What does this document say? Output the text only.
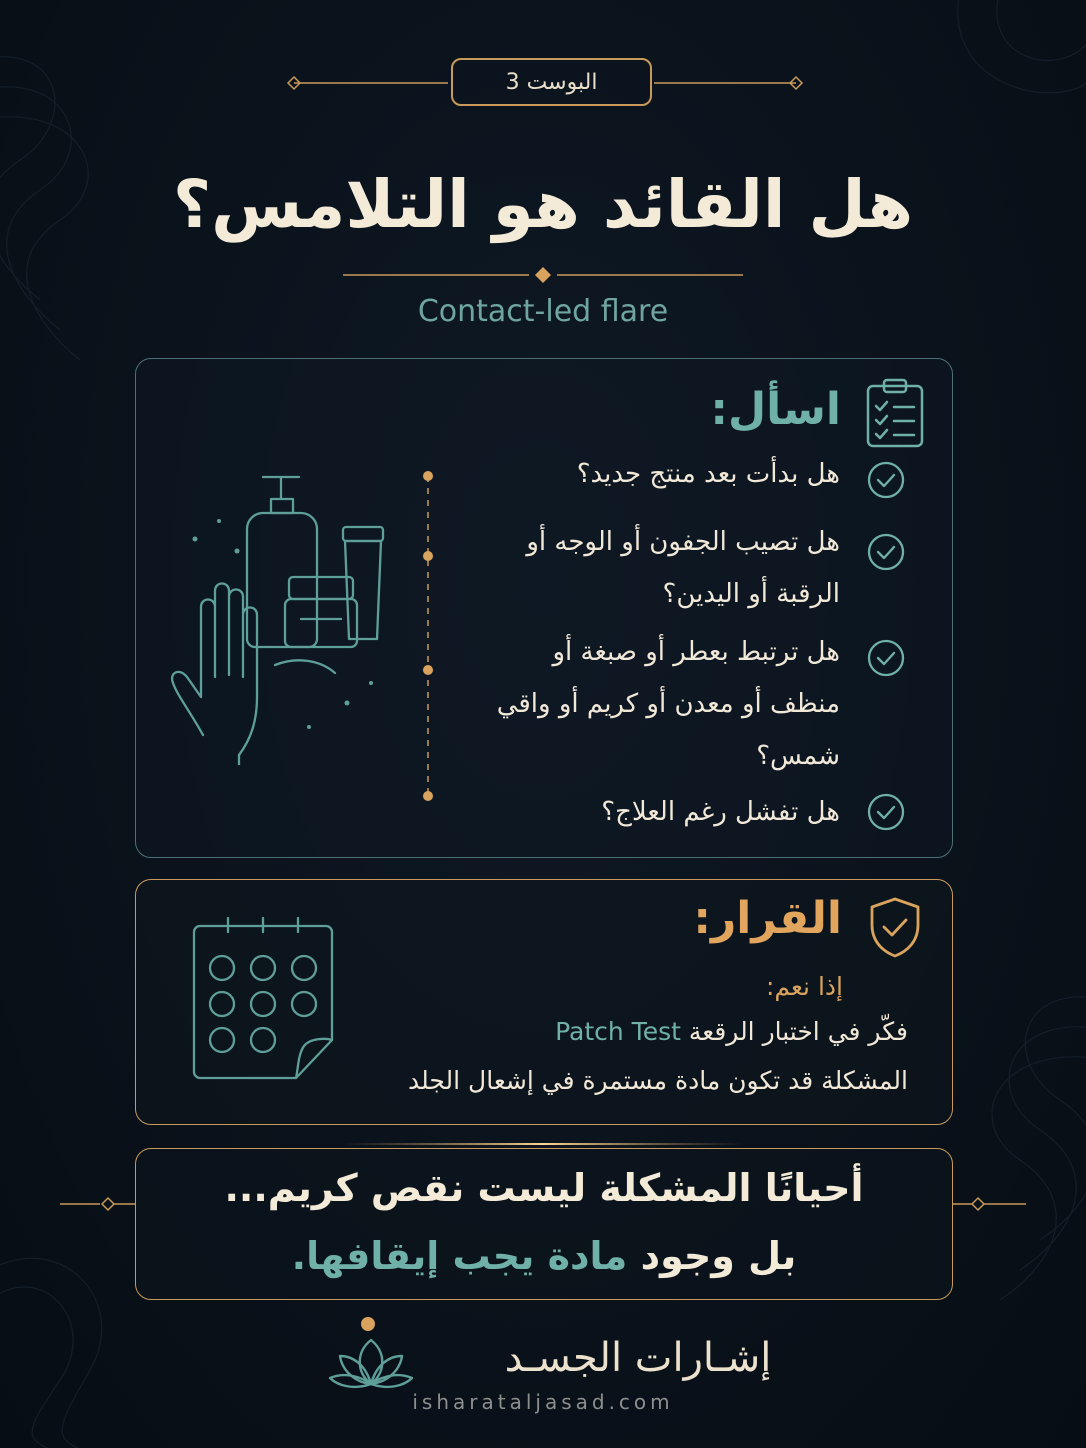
البوست 3
هل القائد هو التلامس؟
Contact-led flare
اسأل:
هل بدأت بعد منتج جديد؟
هل تصيب الجفون أو الوجه أو الرقبة أو اليدين؟
هل ترتبط بعطر أو صبغة أو منظف أو معدن أو كريم أو واقي شمس؟
هل تفشل رغم العلاج؟
القرار:
إذا نعم:
فكّر في اختبار الرقعة Patch Test
المشكلة قد تكون مادة مستمرة في إشعال الجلد
أحيانًا المشكلة ليست نقص كريم...
بل وجود مادة يجب إيقافها.
إشـارات الجسـد
isharataljasad.com
